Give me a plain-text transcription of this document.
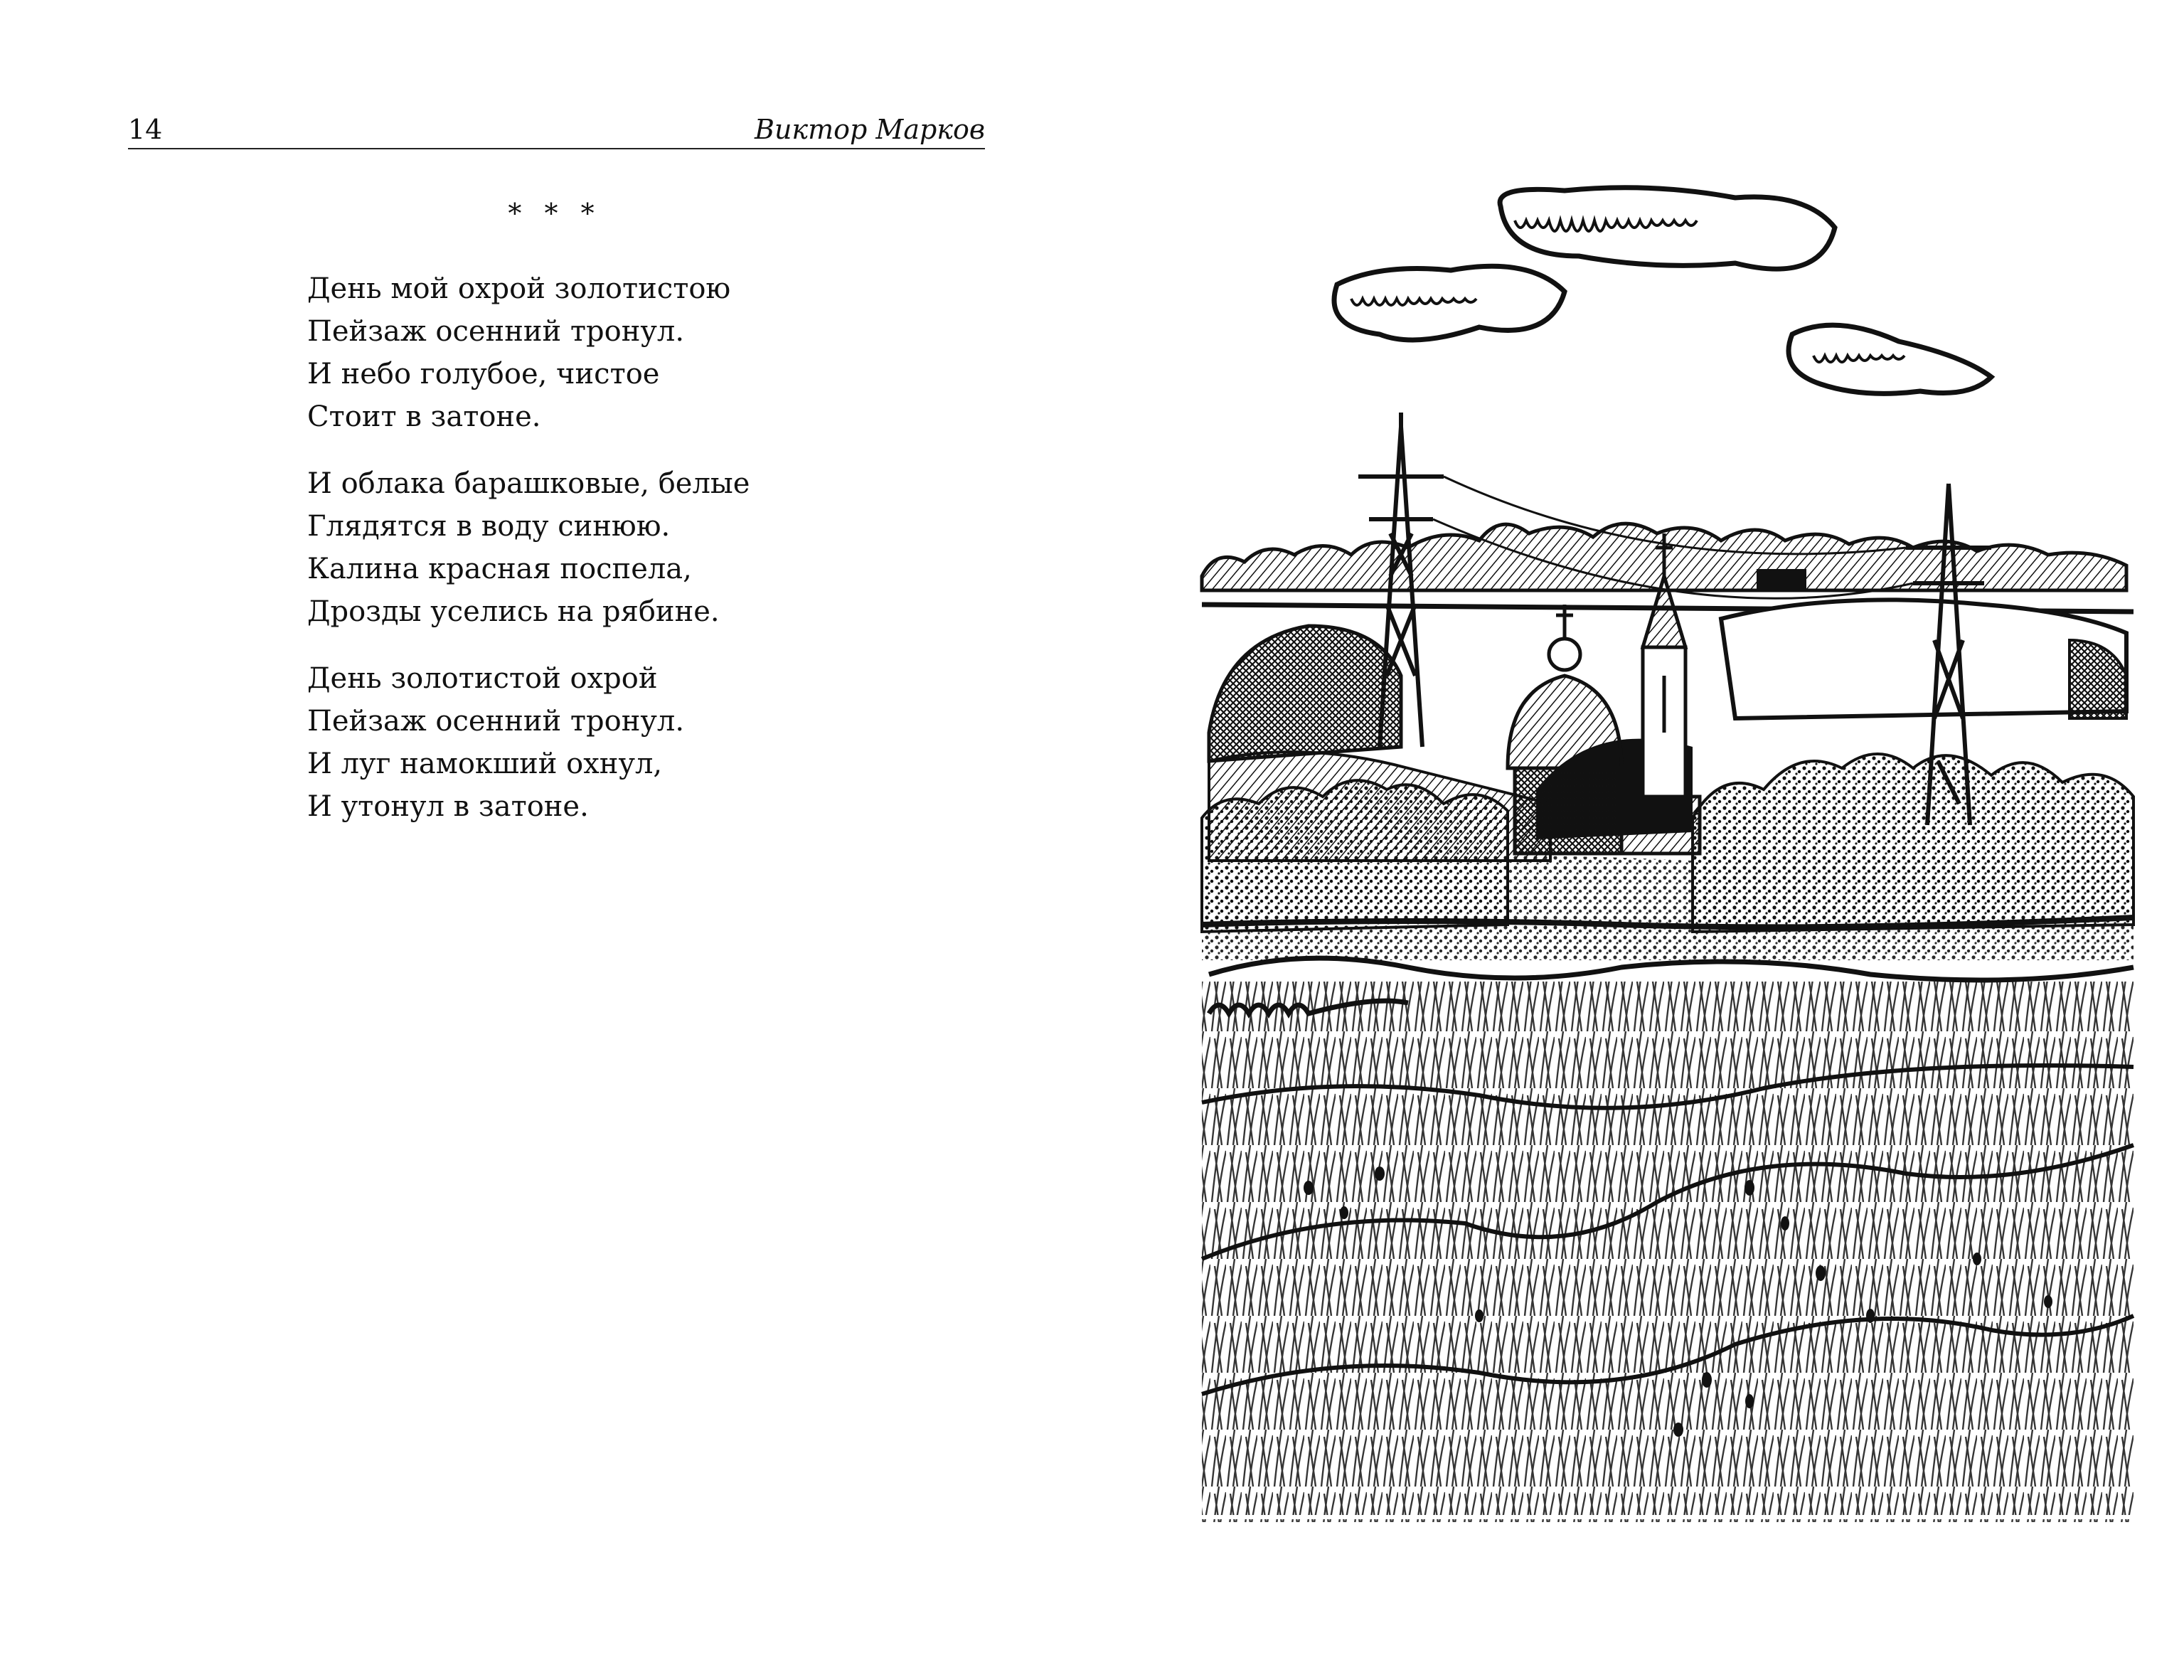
14	Виктор Марков
* * *
День мой охрой золотистою
Пейзаж осенний тронул.
И небо голубое, чистое
Стоит в затоне.
И облака барашковые, белые
Глядятся в воду синюю.
Калина красная поспела,
Дрозды уселись на рябине.
День золотистой охрой
Пейзаж осенний тронул.
И луг намокший охнул,
И утонул в затоне.
